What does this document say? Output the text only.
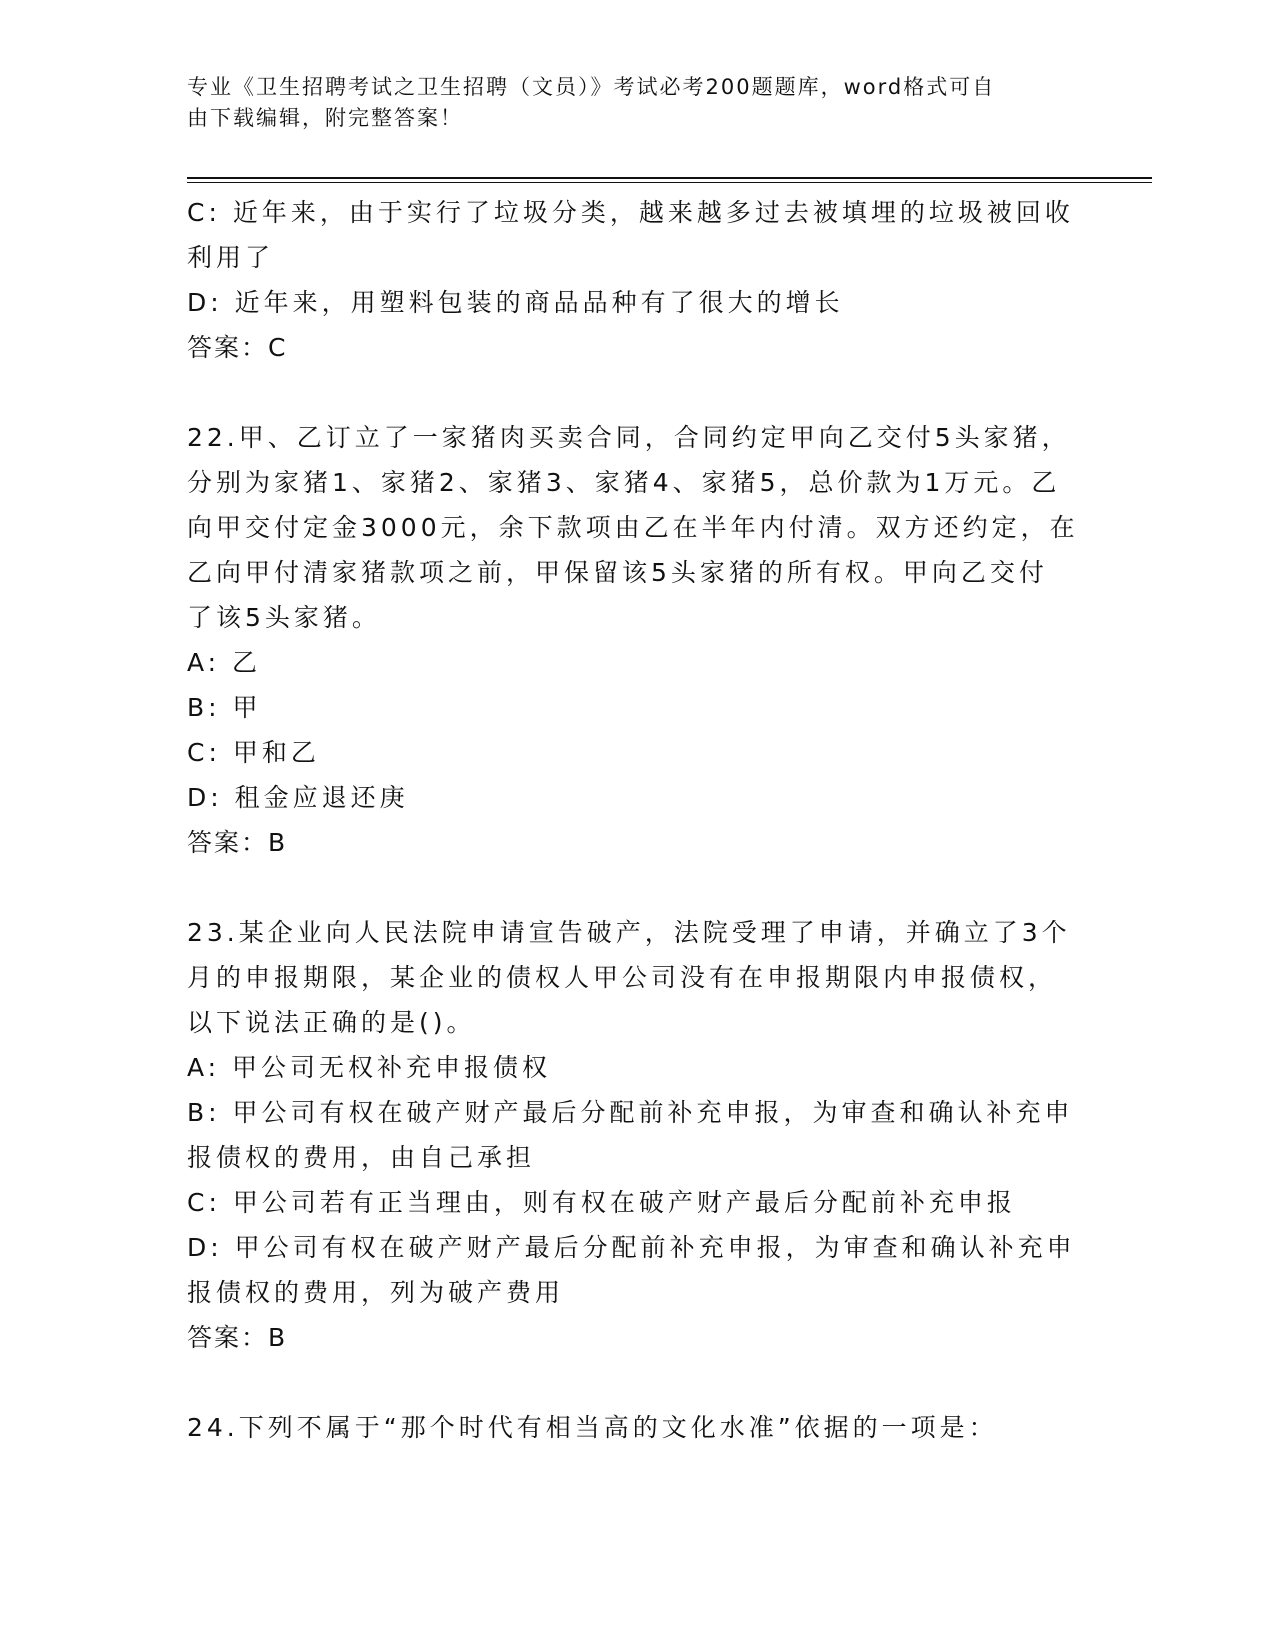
专业《卫生招聘考试之卫生招聘（文员）》考试必考200题题库，word格式可自
由下载编辑，附完整答案！
C: 近年来，由于实行了垃圾分类，越来越多过去被填埋的垃圾被回收
利用了
D: 近年来，用塑料包装的商品品种有了很大的增长
答案：C
22.甲、乙订立了一家猪肉买卖合同，合同约定甲向乙交付5头家猪，
分别为家猪1、家猪2、家猪3、家猪4、家猪5，总价款为1万元。乙
向甲交付定金3000元，余下款项由乙在半年内付清。双方还约定，在
乙向甲付清家猪款项之前，甲保留该5头家猪的所有权。甲向乙交付
了该5头家猪。
A: 乙
B: 甲
C: 甲和乙
D: 租金应退还庚
答案：B
23.某企业向人民法院申请宣告破产，法院受理了申请，并确立了3个
月的申报期限，某企业的债权人甲公司没有在申报期限内申报债权，
以下说法正确的是()。
A: 甲公司无权补充申报债权
B: 甲公司有权在破产财产最后分配前补充申报，为审查和确认补充申
报债权的费用，由自己承担
C: 甲公司若有正当理由，则有权在破产财产最后分配前补充申报
D: 甲公司有权在破产财产最后分配前补充申报，为审查和确认补充申
报债权的费用，列为破产费用
答案：B
24.下列不属于“那个时代有相当高的文化水准”依据的一项是：
